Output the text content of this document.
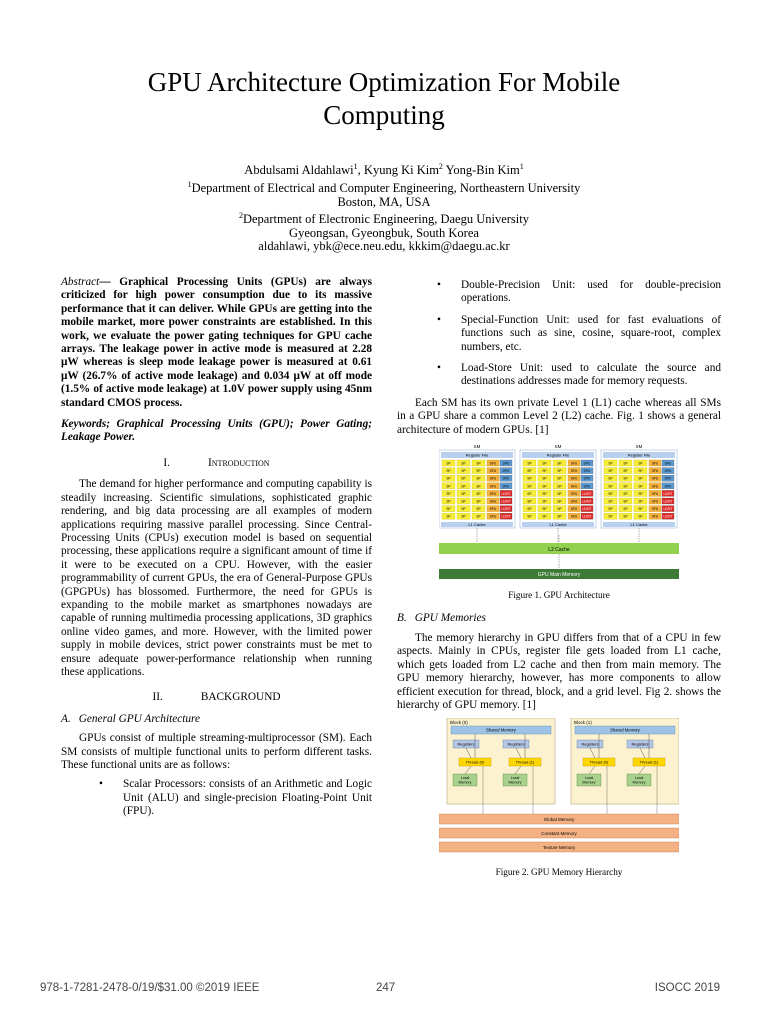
GPU Architecture Optimization For Mobile
Computing
Abdulsami Aldahlawi$^1$, Kyung Ki Kim$^2$ Yong-Bin Kim$^1$
$^1$Department of Electrical and Computer Engineering, Northeastern University
Boston, MA, USA
$^2$Department of Electronic Engineering, Daegu University
Gyeongsan, Gyeongbuk, South Korea
aldahlawi, ybk@ece.neu.edu, kkkim@daegu.ac.kr

Abstract— Graphical Processing Units (GPUs) are always criticized for high power consumption due to its massive performance that it can deliver. While GPUs are getting into the mobile market, more power constraints are established. In this work, we evaluate the power gating techniques for GPU cache arrays. The leakage power in active mode is measured at 2.28 μW whereas is sleep mode leakage power is measured at 0.61 μW (26.7% of active mode leakage) and 0.034 μW at off mode (1.5% of active mode leakage) at 1.0V power supply using 45nm standard CMOS process.

Keywords; Graphical Processing Units (GPU); Power Gating; Leakage Power.

I.	Introduction

The demand for higher performance and computing capability is steadily increasing. Scientific simulations, sophisticated graphic rendering, and big data processing are all examples of modern applications requiring massive parallel processing. Since Central-Processing Units (CPUs) execution model is based on sequential processing, these applications require a significant amount of time if it were to be executed on a CPU. However, with the easier programmability of current GPUs, the era of General-Purpose GPUs (GPGPUs) has blossomed. Furthermore, the need for GPUs is expanding to the mobile market as smartphones nowadays are capable of running multimedia processing applications, 3D graphics online video games, and more. However, with the limited power supply in mobile devices, strict power constraints must be met to ensure adequate power-performance relationship when running these applications.

II.	BACKGROUND
A. General GPU Architecture

GPUs consist of multiple streaming-multiprocessor (SM). Each SM consists of multiple functional units to perform different tasks. These functional units are as follows:

• Scalar Processors: consists of an Arithmetic and Logic Unit (ALU) and single-precision Floating-Point Unit (FPU).
• Double-Precision Unit: used for double-precision operations.
• Special-Function Unit: used for fast evaluations of functions such as sine, cosine, square-root, complex numbers, etc.
• Load-Store Unit: used to calculate the source and destinations addresses made for memory requests.

Each SM has its own private Level 1 (L1) cache whereas all SMs in a GPU share a common Level 2 (L2) cache. Fig. 1 shows a general architecture of modern GPUs. [1]

SM
Register File
SP	SP	SP	SFU DPU
SP	SP	SP	SFU DPU
SP	SP	SP	SFU DPU
SP	SP	SP	SFU DPU
SP	SP	SP	SFU LD/ST
SP	SP	SP	SFU LD/ST
SP	SP	SP	SFU LD/ST
SP	SP	SP	SFU LD/ST
L1 Cache
SM
Register File
SP	SP	SP	SFU DPU
SP	SP	SP	SFU DPU
SP	SP	SP	SFU DPU
SP	SP	SP	SFU DPU
SP	SP	SP	SFU LD/ST
SP	SP	SP	SFU LD/ST
SP	SP	SP	SFU LD/ST
SP	SP	SP	SFU LD/ST
L1 Cache
SM
Register File
SP	SP	SP	SFU DPU
SP	SP	SP	SFU DPU
SP	SP	SP	SFU DPU
SP	SP	SP	SFU DPU
SP	SP	SP	SFU LD/ST
SP	SP	SP	SFU LD/ST
SP	SP	SP	SFU LD/ST
SP	SP	SP	SFU LD/ST
L1 Cache
L2 Cache
GPU Main Memory
Figure 1. GPU Architecture
B. GPU Memories

The memory hierarchy in GPU differs from that of a CPU in few aspects. Mainly in CPUs, register file gets loaded from L1 cache, which gets loaded from L2 cache and then from main memory. The GPU memory hierarchy, however, has more components to allow efficient execution for thread, block, and a grid level. Fig 2. shows the hierarchy of GPU memory. [1]

Block (0)
Shared Memory
Registers
Thread (0)
Local
Memory
Registers
Thread (1)
Local
Memory
Block (1)
Shared Memory
Registers
Thread (0)
Local
Memory
Registers
Thread (1)
Local
Memory
Global Memory
Constant Memory
Texture Memory
Figure 2. GPU Memory Hierarchy
978-1-7281-2478-0/19/$31.00 ©2019 IEEE	247	ISOCC 2019
